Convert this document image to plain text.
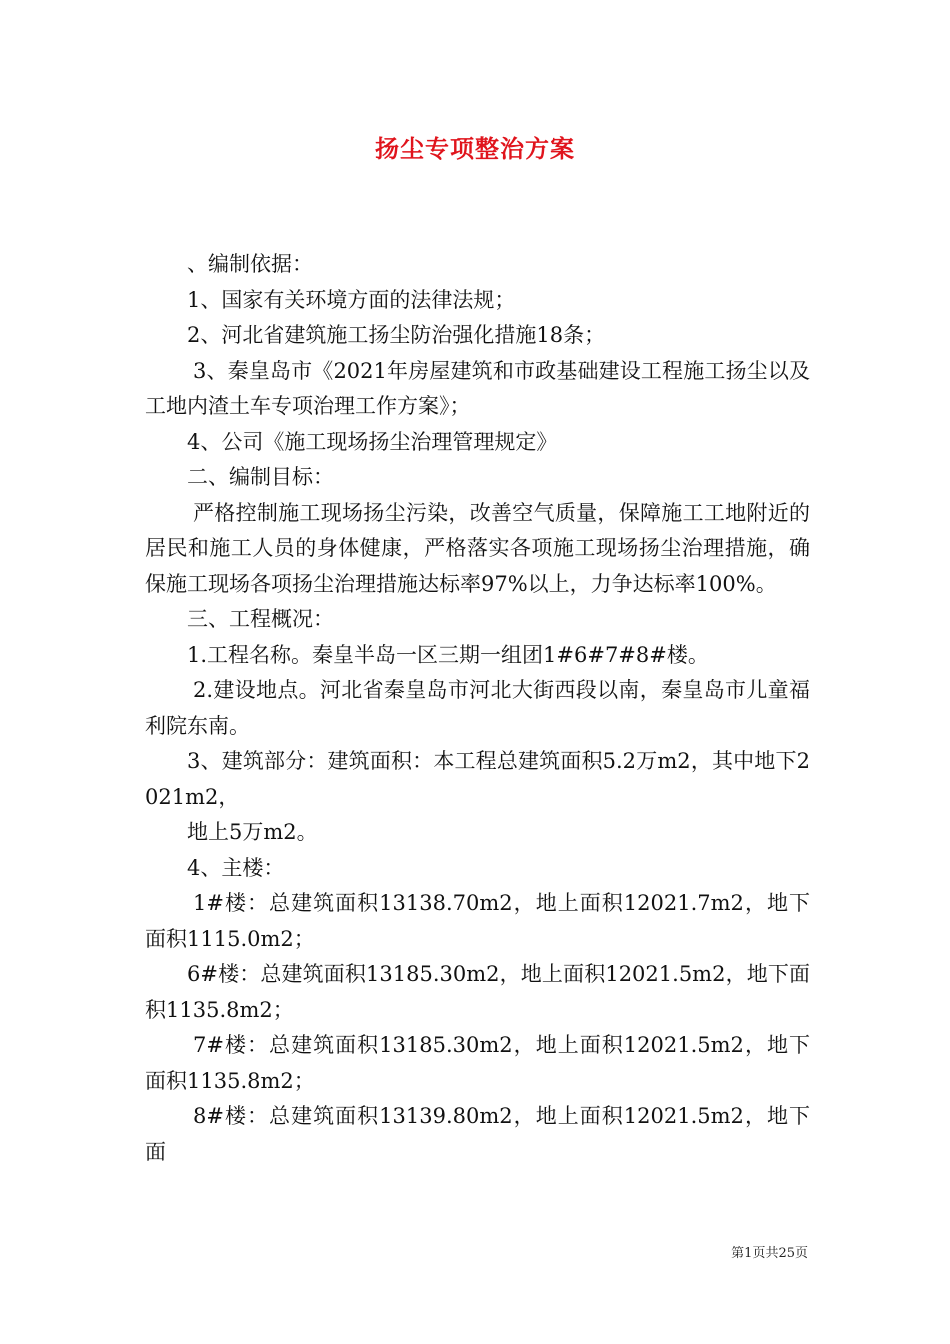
扬尘专项整治方案

、编制依据：

1、国家有关环境方面的法律法规；

2、河北省建筑施工扬尘防治强化措施18条；

3、秦皇岛市《2021年房屋建筑和市政基础建设工程施工扬尘以及工地内渣土车专项治理工作方案》；

4、公司《施工现场扬尘治理管理规定》

二、编制目标：

严格控制施工现场扬尘污染，改善空气质量，保障施工工地附近的居民和施工人员的身体健康，严格落实各项施工现场扬尘治理措施，确保施工现场各项扬尘治理措施达标率97%以上，力争达标率100%。

三、工程概况：

1.工程名称。秦皇半岛一区三期一组团1#6#7#8#楼。

2.建设地点。河北省秦皇岛市河北大街西段以南，秦皇岛市儿童福利院东南。

3、建筑部分：建筑面积：本工程总建筑面积5.2万m2，其中地下2021m2，

地上5万m2。

4、主楼：

1#楼：总建筑面积13138.70m2，地上面积12021.7m2，地下面积1115.0m2；

6#楼：总建筑面积13185.30m2，地上面积12021.5m2，地下面积1135.8m2；

7#楼：总建筑面积13185.30m2，地上面积12021.5m2，地下面积1135.8m2；

8#楼：总建筑面积13139.80m2，地上面积12021.5m2，地下面

第1页共25页
